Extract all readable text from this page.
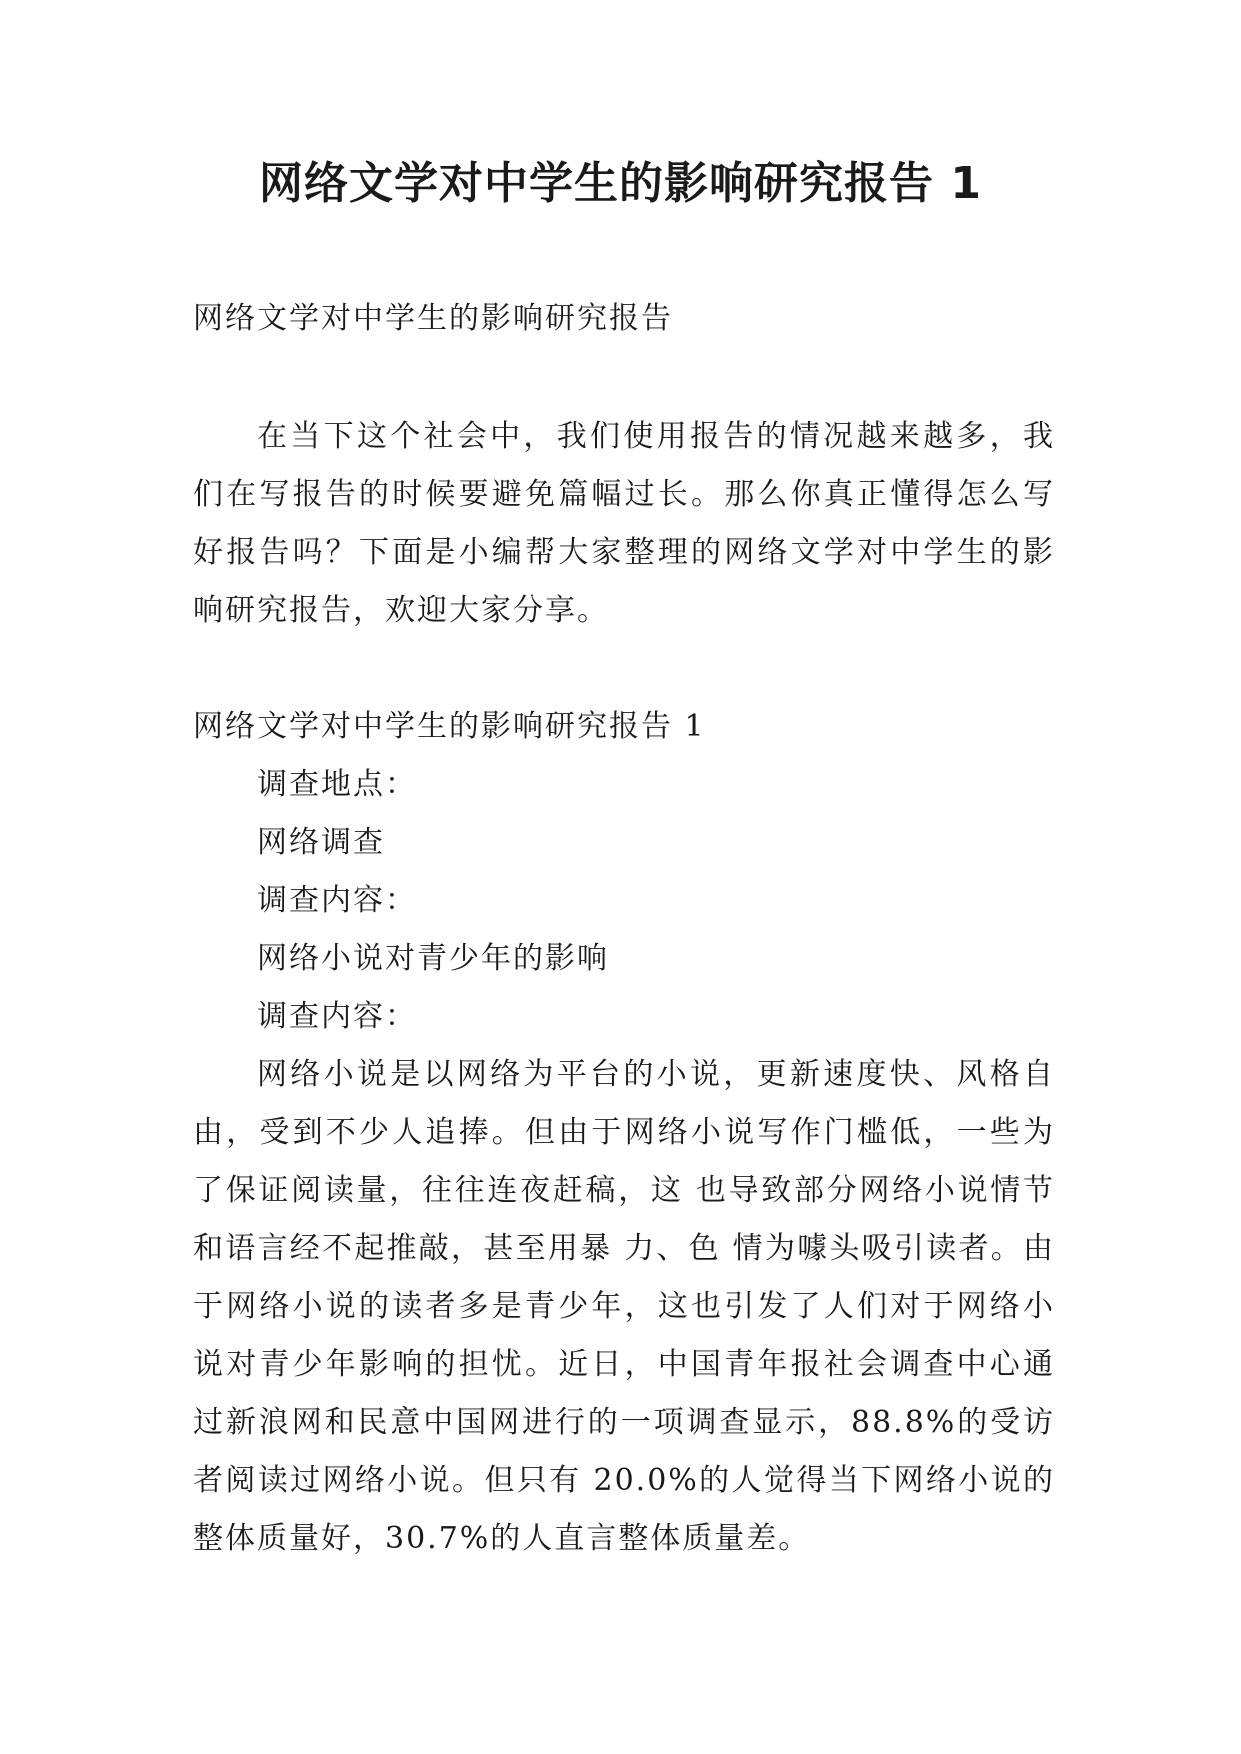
网络文学对中学生的影响研究报告 1

网络文学对中学生的影响研究报告

在当下这个社会中，我们使用报告的情况越来越多，我们在写报告的时候要避免篇幅过长。那么你真正懂得怎么写好报告吗？下面是小编帮大家整理的网络文学对中学生的影响研究报告，欢迎大家分享。

网络文学对中学生的影响研究报告 1

调查地点：
网络调查
调查内容：
网络小说对青少年的影响
调查内容：

网络小说是以网络为平台的小说，更新速度快、风格自由，受到不少人追捧。但由于网络小说写作门槛低，一些为了保证阅读量，往往连夜赶稿，这 也导致部分网络小说情节和语言经不起推敲，甚至用暴 力、色 情为噱头吸引读者。由于网络小说的读者多是青少年，这也引发了人们对于网络小说对青少年影响的担忧。近日，中国青年报社会调查中心通过新浪网和民意中国网进行的一项调查显示，88.8%的受访者阅读过网络小说。但只有 20.0%的人觉得当下网络小说的整体质量好，30.7%的人直言整体质量差。
